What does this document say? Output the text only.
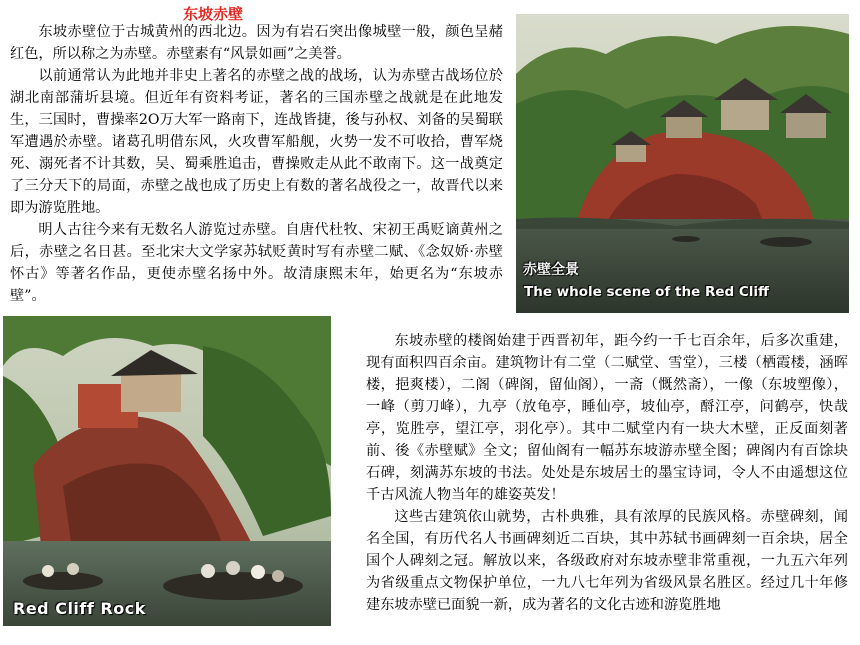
东坡赤壁

东坡赤壁位于古城黄州的西北边。因为有岩石突出像城壁一般，颜色呈赭红色，所以称之为赤壁。赤壁素有“风景如画”之美誉。

以前通常认为此地并非史上著名的赤壁之战的战场，认为赤壁古战场位於湖北南部蒲圻县境。但近年有资料考证，著名的三国赤壁之战就是在此地发生，三国时，曹操率2O万大军一路南下，连战皆捷，後与孙权、刘备的吴蜀联军遭遇於赤壁。诸葛孔明借东风，火攻曹军船舰，火势一发不可收拾，曹军烧死、溺死者不计其数，吴、蜀乘胜追击，曹操败走从此不敢南下。这一战奠定了三分天下的局面，赤壁之战也成了历史上有数的著名战役之一，故晋代以来即为游览胜地。

明人古往今来有无数名人游览过赤壁。自唐代杜牧、宋初王禹贬谪黄州之后，赤壁之名日甚。至北宋大文学家苏轼贬黄时写有赤壁二赋、《念奴娇·赤壁怀古》等著名作品，更使赤壁名扬中外。故清康熙末年，始更名为“东坡赤壁”。

赤壁全景
The whole scene of the Red Cliff
Red Cliff Rock

东坡赤壁的楼阁始建于西晋初年，距今约一千七百余年，后多次重建，现有面积四百余亩。建筑物计有二堂（二赋堂、雪堂），三楼（栖霞楼，涵晖楼，挹爽楼），二阁（碑阁，留仙阁），一斋（慨然斋），一像（东坡塑像），一峰（剪刀峰），九亭（放龟亭，睡仙亭，坡仙亭，酹江亭，问鹤亭，快哉亭，览胜亭，望江亭，羽化亭）。其中二赋堂内有一块大木壁，正反面刻著前、後《赤壁赋》全文；留仙阁有一幅苏东坡游赤壁全图；碑阁内有百馀块石碑，刻满苏东坡的书法。处处是东坡居士的墨宝诗词，令人不由遥想这位千古风流人物当年的雄姿英发！

这些古建筑依山就势，古朴典雅，具有浓厚的民族风格。赤壁碑刻，闻名全国，有历代名人书画碑刻近二百块，其中苏轼书画碑刻一百余块，居全国个人碑刻之冠。解放以来，各级政府对东坡赤壁非常重视，一九五六年列为省级重点文物保护单位，一九八七年列为省级风景名胜区。经过几十年修建东坡赤壁已面貌一新，成为著名的文化古迹和游览胜地
